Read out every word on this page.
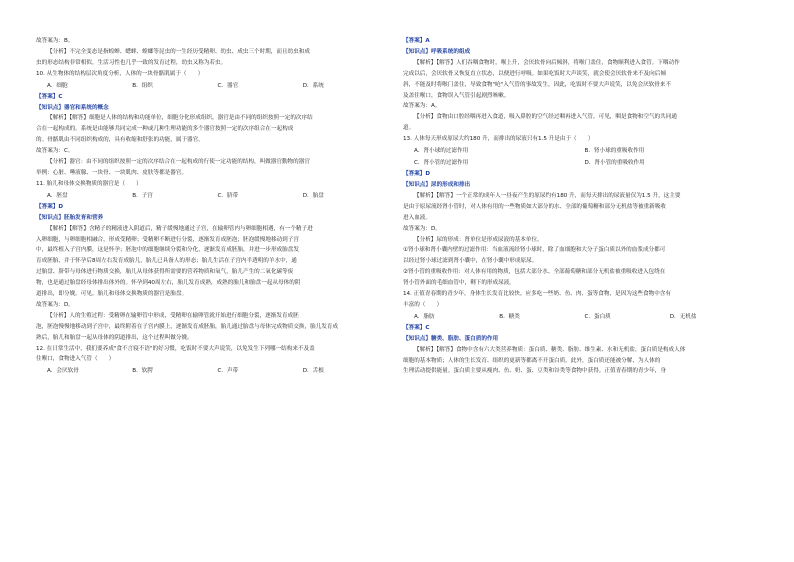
故答案为：B。
【分析】不完全变态是指蝗蝉、蟋蟀、螳螂等昆虫的一生经历受精卵、幼虫、成虫三个时期，而且幼虫和成
虫的形态结构非常相似，生活习性也几乎一致的发育过程，幼虫又称为若虫。
10. 从生物体的结构层次角度分析，人体的一块骨骼肌属于（　　）
A．细胞	B．组织	C．器官	D．系统
【答案】C
【知识点】器官和系统的概念
【解析】【解答】细胞是人体的结构和功能单位，细胞分化形成组织，器官是由不同的组织按照一定的次序结
合在一起构成的。系统是由能够共同完成一种或几种生理功能的多个器官按照一定的次序组合在一起构成
的。骨骼肌由不同组织构成的，具有收缩和舒张的功能，属于器官。
故答案为：C。
【分析】器官：由不同的组织按照一定的次序结合在一起构成的行使一定功能的结构，叫做器官動物的器官
举例：心脏、唾液腺、一块骨、一块肌肉、皮肤等都是器官。
11. 胎儿和母体交换物质的器官是（　　）
A．胚盘	B．子宫	C．脐带	D．胎盘
【答案】D
【知识点】胚胎发育和营养
【解析】【解答】含精子的精液进入阴道后，精子缓慢地通过子宫，在输卵管内与卵细胞相遇，有一个精子进
入卵细胞，与卵细胞相融合，形成受精卵；受精卵不断进行分裂，逐渐发育成胚泡；胚泡缓慢地移动到子宫
中，最终植入子宫内膜，这是怀孕；胚泡中的细胞继续分裂和分化，逐渐发育成胚胎，并进一步形成胎盘发
育成胚胎，并于怀孕后8周左右发育成胎儿，胎儿已具备人的形态；胎儿生活在子宫内半透明的羊水中，通
过胎盘、脐带与母体进行物质交换，胎儿从母体获得所需要的营养物质和氧气，胎儿产生的二氧化碳等废
物，也是通过胎盘经母体排出体外的。怀孕到40周左右，胎儿发育成熟，成熟的胎儿和胎盘一起从母体的阴
道排出，即分娩。可见，胎儿和母体交换物质的器官是胎盘。
故答案为：D。
【分析】人的生殖过程：受精卵在输卵管中形成，受精卵在输卵管就开始进行细胞分裂，逐渐发育成胚
泡，胚泡慢慢地移动到子宫中，最终附着在子宫内膜上，逐渐发育成胚胎，胎儿通过胎盘与母体完成物质交换，胎儿发育成
熟后，胎儿和胎盘一起从母体的阴道排出，这个过程叫做分娩。
12. 在日常生活中，我们要养成"食不言寝不语"的好习惯，吃饭时不要大声说笑，以免发生下列哪一结构来不及盖
住喉口，食物进入气管（　　）
A．会厌软骨	B．软腭	C．声带	D．舌根
【答案】A
【知识点】呼吸系统的组成
【解析】【解答】人们吞咽食物时，喉上升，会厌软骨向后倾斜，将喉门盖住，食物顺利进入食管。下咽动作
完成以后，会厌软骨又恢复直立状态，以便进行呼吸。如果吃饭时大声谈笑，就会使会厌软骨来不及向后倾
斜，不能及时将喉门盖住，导致食物"呛"入气管的事故发生，因此，吃饭时不要大声说笑，以免会厌软骨来不
及盖住喉口，食物误入气管引起剧烈咳嗽。
故答案为：A。
【分析】食物由口腔经咽再进入食道，吸入鼻腔的空气经过咽再进入气管，可见，咽是食物和空气的共同通
道。
13. 人体每天形成原尿大约180 升，而排出的尿液只有1.5 升是由于（　　）
A．肾小球的过滤作用	B．肾小球的重吸收作用
C．肾小管的过滤作用	D．肾小管的重吸收作用
【答案】D
【知识点】尿的形成和排出
【解析】【解答】一个正常的成年人一昼夜产生的原尿约有180 升，而每天排出的尿液量仅为1.5 升，这主要
是由于原尿流经肾小管时，对人体有用的一些物质如大部分的水、全部的葡萄糖和部分无机盐等被重新吸收
进入血液。
故答案为：D。
【分析】尿的形成：肾单位是形成尿液的基本单位。
①肾小球和肾小囊内壁的过滤作用：当血液流经肾小球时，除了血细胞和大分子蛋白质以外的血浆成分都可
以经过肾小球过滤到肾小囊中，在肾小囊中形成原尿。
②肾小管的重吸收作用：对人体有用的物质，包括大部分水、全部葡萄糖和部分无机盐被重吸收进入包绕在
肾小管外面的毛细血管中，剩下的形成尿液。
14. 正值青春期的青少年，身体生长发育比较快，应多吃一些奶、鱼、肉、蛋等食物，是因为这些食物中含有
丰富的（　　）
A．脂肪	B．糖类	C．蛋白质	D．无机盐
【答案】C
【知识点】糖类、脂肪、蛋白质的作用
【解析】【解答】食物中含有六大类营养物质：蛋白质、糖类、脂肪、维生素、水和无机盐，蛋白质是构成人体
细胞的基本物质；人体的生长发育、组织的更新等都离不开蛋白质。此外，蛋白质还能被分解，为人体的
生理活动提供能量。蛋白质主要从瘦肉、鱼、奶、蛋、豆类和谷类等食物中获得。正值青春期的青少年，身
